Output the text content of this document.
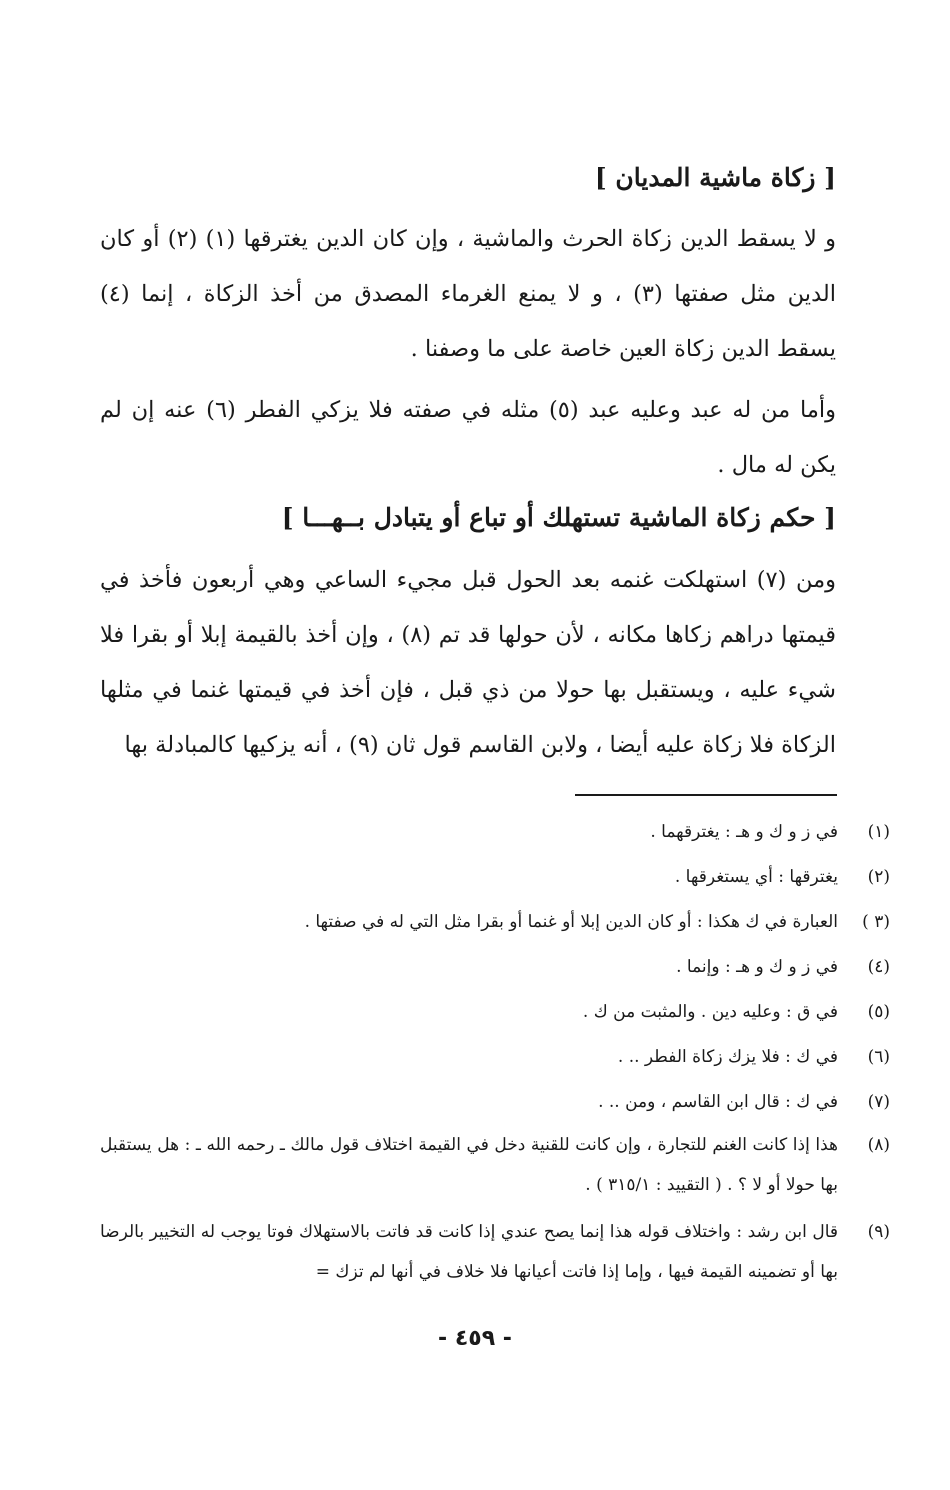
[ زكاة ماشية المديان ]
و لا يسقط الدين زكاة الحرث والماشية ، وإن كان الدين يغترقها (١) (٢) أو كان الدين مثل صفتها (٣) ، و لا يمنع الغرماء المصدق من أخذ الزكاة ، إنما (٤) يسقط الدين زكاة العين خاصة على ما وصفنا .
وأما من له عبد وعليه عبد (٥) مثله في صفته فلا يزكي الفطر (٦) عنه إن لم يكن له مال .
[ حكم زكاة الماشية تستهلك أو تباع أو يتبادل بــهـــا ]
ومن (٧) استهلكت غنمه بعد الحول قبل مجيء الساعي وهي أربعون فأخذ في قيمتها دراهم زكاها مكانه ، لأن حولها قد تم (٨) ، وإن أخذ بالقيمة إبلا أو بقرا فلا شيء عليه ، ويستقبل بها حولا من ذي قبل ، فإن أخذ في قيمتها غنما في مثلها الزكاة فلا زكاة عليه أيضا ، ولابن القاسم قول ثان (٩) ، أنه يزكيها كالمبادلة بها
(١)
في ز و ك و هـ : يغترقهما .
(٢)
يغترقها : أي يستغرقها .
(٣ )
العبارة في ك هكذا : أو كان الدين إبلا أو غنما أو بقرا مثل التي له في صفتها .
(٤)
في ز و ك و هـ : وإنما .
(٥)
في ق : وعليه دين . والمثبت من ك .
(٦)
في ك : فلا يزك زكاة الفطر .. .
(٧)
في ك : قال ابن القاسم ، ومن .. .
(٨)
هذا إذا كانت الغنم للتجارة ، وإن كانت للقنية دخل في القيمة اختلاف قول مالك ـ رحمه الله ـ : هل يستقبل بها حولا أو لا ؟ . ( التقييد : ٣١٥/١ ) .
(٩)
قال ابن رشد : واختلاف قوله هذا إنما يصح عندي إذا كانت قد فاتت بالاستهلاك فوتا يوجب له التخيير بالرضا بها أو تضمينه القيمة فيها ، وإما إذا فاتت أعيانها فلا خلاف في أنها لم تزك =
- ٤٥٩ -
